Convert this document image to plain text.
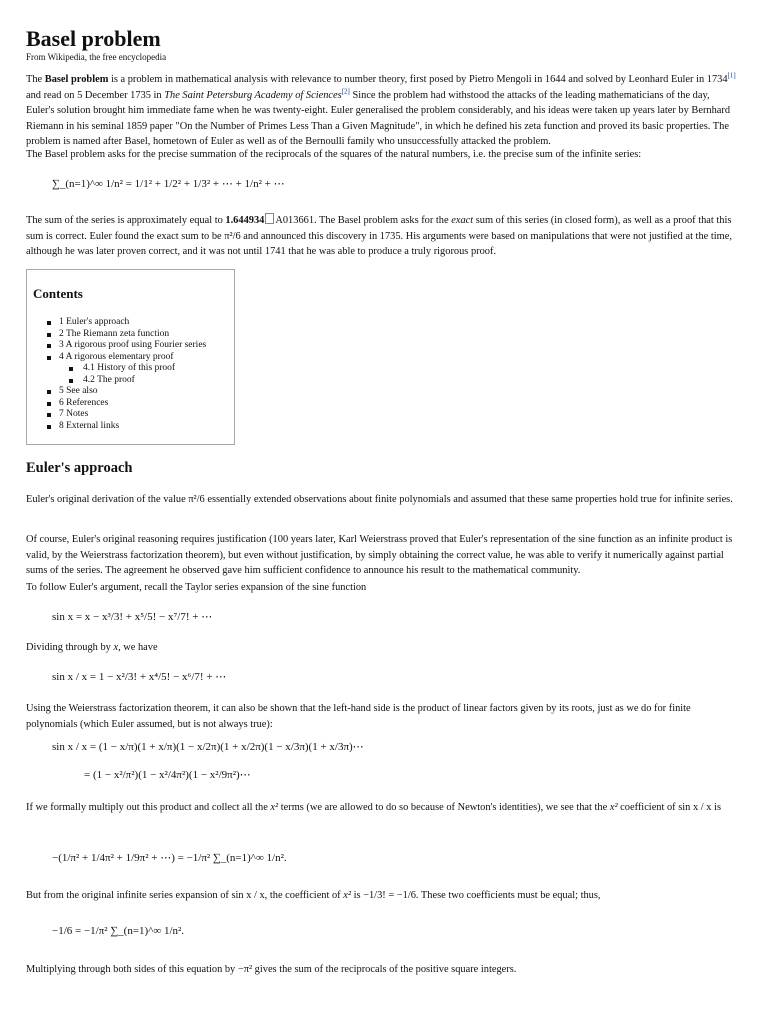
Basel problem
From Wikipedia, the free encyclopedia
The Basel problem is a problem in mathematical analysis with relevance to number theory, first posed by Pietro Mengoli in 1644 and solved by Leonhard Euler in 1734[1] and read on 5 December 1735 in The Saint Petersburg Academy of Sciences[2] Since the problem had withstood the attacks of the leading mathematicians of the day, Euler's solution brought him immediate fame when he was twenty-eight. Euler generalised the problem considerably, and his ideas were taken up years later by Bernhard Riemann in his seminal 1859 paper "On the Number of Primes Less Than a Given Magnitude", in which he defined his zeta function and proved its basic properties. The problem is named after Basel, hometown of Euler as well as of the Bernoulli family who unsuccessfully attacked the problem.
The Basel problem asks for the precise summation of the reciprocals of the squares of the natural numbers, i.e. the precise sum of the infinite series:
∑_(n=1)^∞ 1/n² = 1/1² + 1/2² + 1/3² + ⋯ + 1/n² + ⋯
The sum of the series is approximately equal to 1.644934 A013661. The Basel problem asks for the exact sum of this series (in closed form), as well as a proof that this sum is correct. Euler found the exact sum to be π²/6 and announced this discovery in 1735. His arguments were based on manipulations that were not justified at the time, although he was later proven correct, and it was not until 1741 that he was able to produce a truly rigorous proof.
Contents
1 Euler's approach
2 The Riemann zeta function
3 A rigorous proof using Fourier series
4 A rigorous elementary proof
4.1 History of this proof
4.2 The proof
5 See also
6 References
7 Notes
8 External links
Euler's approach
Euler's original derivation of the value π²/6 essentially extended observations about finite polynomials and assumed that these same properties hold true for infinite series.
Of course, Euler's original reasoning requires justification (100 years later, Karl Weierstrass proved that Euler's representation of the sine function as an infinite product is valid, by the Weierstrass factorization theorem), but even without justification, by simply obtaining the correct value, he was able to verify it numerically against partial sums of the series. The agreement he observed gave him sufficient confidence to announce his result to the mathematical community.
To follow Euler's argument, recall the Taylor series expansion of the sine function
sin x = x − x³/3! + x⁵/5! − x⁷/7! + ⋯
Dividing through by x, we have
sin x / x = 1 − x²/3! + x⁴/5! − x⁶/7! + ⋯
Using the Weierstrass factorization theorem, it can also be shown that the left-hand side is the product of linear factors given by its roots, just as we do for finite polynomials (which Euler assumed, but is not always true):
sin x / x = (1 − x/π)(1 + x/π)(1 − x/2π)(1 + x/2π)(1 − x/3π)(1 + x/3π)⋯
= (1 − x²/π²)(1 − x²/4π²)(1 − x²/9π²)⋯
If we formally multiply out this product and collect all the x² terms (we are allowed to do so because of Newton's identities), we see that the x² coefficient of sin x / x is
−(1/π² + 1/4π² + 1/9π² + ⋯) = −1/π² ∑_(n=1)^∞ 1/n².
But from the original infinite series expansion of sin x / x, the coefficient of x² is −1/3! = −1/6. These two coefficients must be equal; thus,
−1/6 = −1/π² ∑_(n=1)^∞ 1/n².
Multiplying through both sides of this equation by −π² gives the sum of the reciprocals of the positive square integers.
